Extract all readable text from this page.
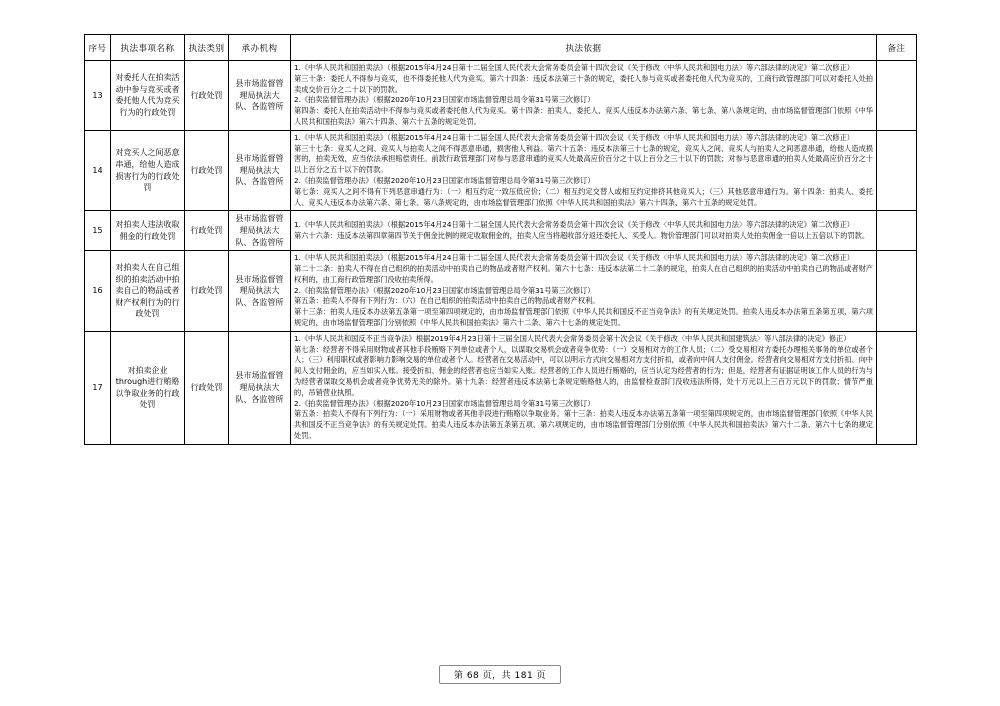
序号	执法事项名称	执法类别	承办机构	执法依据	备注
13	对委托人在拍卖活动中参与竞买或者委托他人代为竞买行为的行政处罚	行政处罚	县市场监督管理局执法大队、各监管所	1.《中华人民共和国拍卖法》（根据2015年4月24日第十二届全国人民代表大会常务委员会第十四次会议《关于修改〈中华人民共和国电力法〉等六部法律的决定》第二次修正）

第三十条：委托人不得参与竞买，也不得委托他人代为竞买。第六十四条：违反本法第三十条的规定，委托人参与竞买或者委托他人代为竞买的，工商行政管理部门可以对委托人处拍卖成交价百分之二十以下的罚款。

2.《拍卖监督管理办法》（根据2020年10月23日国家市场监督管理总局令第31号第三次修订）

第四条：委托人在拍卖活动中不得参与竞买或者委托他人代为竞买。第十四条：拍卖人、委托人、竞买人违反本办法第六条、第七条、第八条规定的，由市场监督管理部门依照《中华人民共和国拍卖法》第六十四条、第六十五条的规定处罚。	

14	对竞买人之间恶意串通，给他人造成损害行为的行政处罚	行政处罚	县市场监督管理局执法大队、各监管所	1.《中华人民共和国拍卖法》（根据2015年4月24日第十二届全国人民代表大会常务委员会第十四次会议《关于修改〈中华人民共和国电力法〉等六部法律的决定》第二次修正）

第三十七条：竞买人之间、竞买人与拍卖人之间不得恶意串通，损害他人利益。第六十五条：违反本法第三十七条的规定，竞买人之间、竞买人与拍卖人之间恶意串通，给他人造成损害的，拍卖无效，应当依法承担赔偿责任。前款行政管理部门对参与恶意串通的竞买人处最高应价百分之十以上百分之三十以下的罚款；对参与恶意串通的拍卖人处最高应价百分之十以上百分之五十以下的罚款。

2.《拍卖监督管理办法》（根据2020年10月23日国家市场监督管理总局令第31号第三次修订）

第七条：竞买人之间不得有下列恶意串通行为：（一）相互约定一致压低应价；（二）相互约定交替人或相互约定排挤其他竞买人；（三）其他恶意串通行为。第十四条：拍卖人、委托人、竞买人违反本办法第六条、第七条、第八条规定的，由市场监督管理部门依照《中华人民共和国拍卖法》第六十四条、第六十五条的规定处罚。	

15	对拍卖人违法收取佣金的行政处罚	行政处罚	县市场监督管理局执法大队、各监管所	1.《中华人民共和国拍卖法》（根据2015年4月24日第十二届全国人民代表大会常务委员会第十四次会议《关于修改〈中华人民共和国电力法〉等六部法律的决定》第二次修正）

第六十六条：违反本法第四章第四节关于佣金比例的规定收取佣金的，拍卖人应当将超收部分返还委托人、买受人。物价管理部门可以对拍卖人处拍卖佣金一倍以上五倍以下的罚款。	

16	对拍卖人在自己组织的拍卖活动中拍卖自己的物品或者财产权利行为的行政处罚	行政处罚	县市场监督管理局执法大队、各监管所	1.《中华人民共和国拍卖法》（根据2015年4月24日第十二届全国人民代表大会常务委员会第十四次会议《关于修改〈中华人民共和国电力法〉等六部法律的决定》第二次修正）

第二十二条：拍卖人不得在自己组织的拍卖活动中拍卖自己的物品或者财产权利。第六十七条：违反本法第二十二条的规定，拍卖人在自己组织的拍卖活动中拍卖自己的物品或者财产权利的，由工商行政管理部门没收拍卖所得。

2.《拍卖监督管理办法》（根据2020年10月23日国家市场监督管理总局令第31号第三次修订）

第五条：拍卖人不得有下列行为：（六）在自己组织的拍卖活动中拍卖自己的物品或者财产权利。

第十三条：拍卖人违反本办法第五条第一项至第四项规定的，由市场监督管理部门依照《中华人民共和国反不正当竞争法》的有关规定处罚。拍卖人违反本办法第五条第五项、第六项规定的，由市场监督管理部门分别依照《中华人民共和国拍卖法》第六十二条、第六十七条的规定处罚。	

17	对拍卖企业through进行贿赂以争取业务的行政处罚	行政处罚	县市场监督管理局执法大队、各监管所	1.《中华人民共和国反不正当竞争法》根据2019年4月23日第十三届全国人民代表大会常务委员会第十次会议《关于修改〈中华人民共和国建筑法〉等八部法律的决定》修正）

第七条：经营者不得采用财物或者其他手段贿赂下列单位或者个人，以谋取交易机会或者竞争优势：（一）交易相对方的工作人员；（二）受交易相对方委托办理相关事务的单位或者个人；（三）利用职权或者影响力影响交易的单位或者个人。经营者在交易活动中，可以以明示方式向交易相对方支付折扣，或者向中间人支付佣金。经营者向交易相对方支付折扣、向中间人支付佣金的，应当如实入账。接受折扣、佣金的经营者也应当如实入账。经营者的工作人员进行贿赂的，应当认定为经营者的行为；但是，经营者有证据证明该工作人员的行为与为经营者谋取交易机会或者竞争优势无关的除外。第十九条：经营者违反本法第七条规定贿赂他人的，由监督检查部门没收违法所得，处十万元以上三百万元以下的罚款；情节严重的，吊销营业执照。

2.《拍卖监督管理办法》（根据2020年10月23日国家市场监督管理总局令第31号第三次修订）

第五条：拍卖人不得有下列行为：（一）采用财物或者其他手段进行贿赂以争取业务。第十三条：拍卖人违反本办法第五条第一项至第四项规定的，由市场监督管理部门依照《中华人民共和国反不正当竞争法》的有关规定处罚。拍卖人违反本办法第五条第五项、第六项规定的，由市场监督管理部门分别依照《中华人民共和国拍卖法》第六十二条、第六十七条的规定处罚。	

第 68 页，共 181 页
